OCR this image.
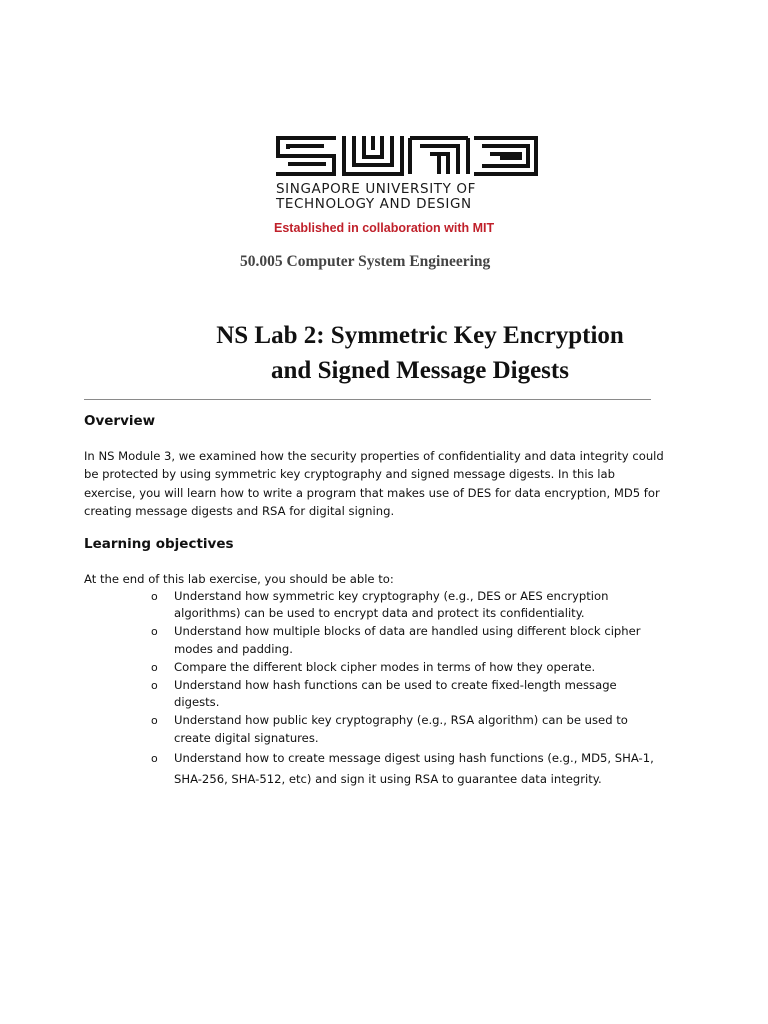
SINGAPORE UNIVERSITY OF
TECHNOLOGY AND DESIGN
Established in collaboration with MIT
50.005 Computer System Engineering
NS Lab 2: Symmetric Key Encryption
and Signed Message Digests
Overview
In NS Module 3, we examined how the security properties of confidentiality and data integrity could be protected by using symmetric key cryptography and signed message digests. In this lab exercise, you will learn how to write a program that makes use of DES for data encryption, MD5 for creating message digests and RSA for digital signing.
Learning objectives
At the end of this lab exercise, you should be able to:
o Understand how symmetric key cryptography (e.g., DES or AES encryption algorithms) can be used to encrypt data and protect its confidentiality.
o Understand how multiple blocks of data are handled using different block cipher modes and padding.
o Compare the different block cipher modes in terms of how they operate.
o Understand how hash functions can be used to create fixed-length message digests.
o Understand how public key cryptography (e.g., RSA algorithm) can be used to create digital signatures.
o Understand how to create message digest using hash functions (e.g., MD5, SHA-1, SHA-256, SHA-512, etc) and sign it using RSA to guarantee data integrity.
